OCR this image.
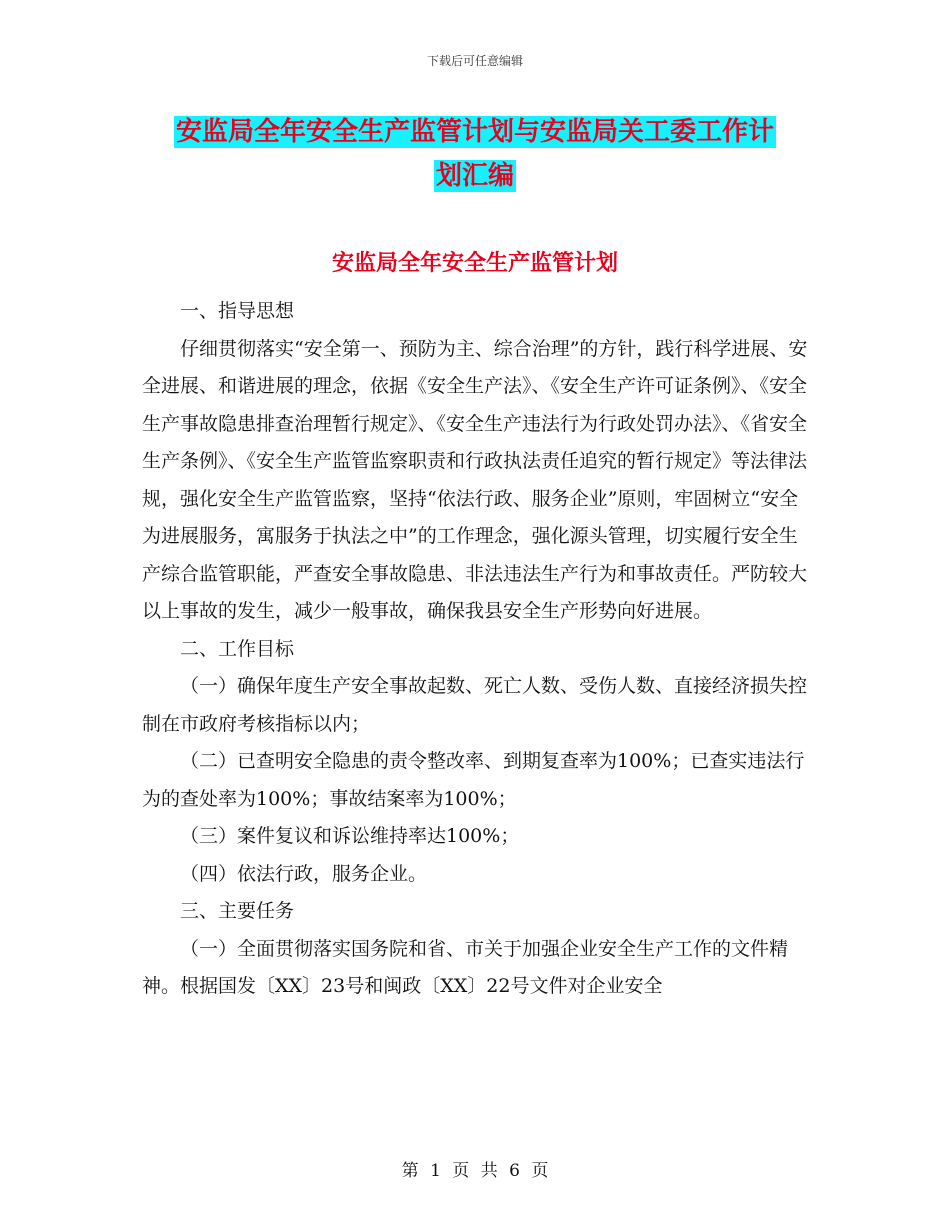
下载后可任意编辑
安监局全年安全生产监管计划与安监局关工委工作计
划汇编
安监局全年安全生产监管计划

一、指导思想

仔细贯彻落实“安全第一、预防为主、综合治理”的方针，践行科学进展、安全进展、和谐进展的理念，依据《安全生产法》、《安全生产许可证条例》、《安全生产事故隐患排查治理暂行规定》、《安全生产违法行为行政处罚办法》、《省安全生产条例》、《安全生产监管监察职责和行政执法责任追究的暂行规定》等法律法规，强化安全生产监管监察，坚持“依法行政、服务企业”原则，牢固树立“安全为进展服务，寓服务于执法之中”的工作理念，强化源头管理，切实履行安全生产综合监管职能，严查安全事故隐患、非法违法生产行为和事故责任。严防较大以上事故的发生，减少一般事故，确保我县安全生产形势向好进展。

二、工作目标

（一）确保年度生产安全事故起数、死亡人数、受伤人数、直接经济损失控制在市政府考核指标以内；

（二）已查明安全隐患的责令整改率、到期复查率为100%；已查实违法行为的查处率为100%；事故结案率为100%；

（三）案件复议和诉讼维持率达100%；

（四）依法行政，服务企业。

三、主要任务

（一）全面贯彻落实国务院和省、市关于加强企业安全生产工作的文件精神。根据国发〔XX〕23号和闽政〔XX〕22号文件对企业安全

第 1 页 共 6 页
